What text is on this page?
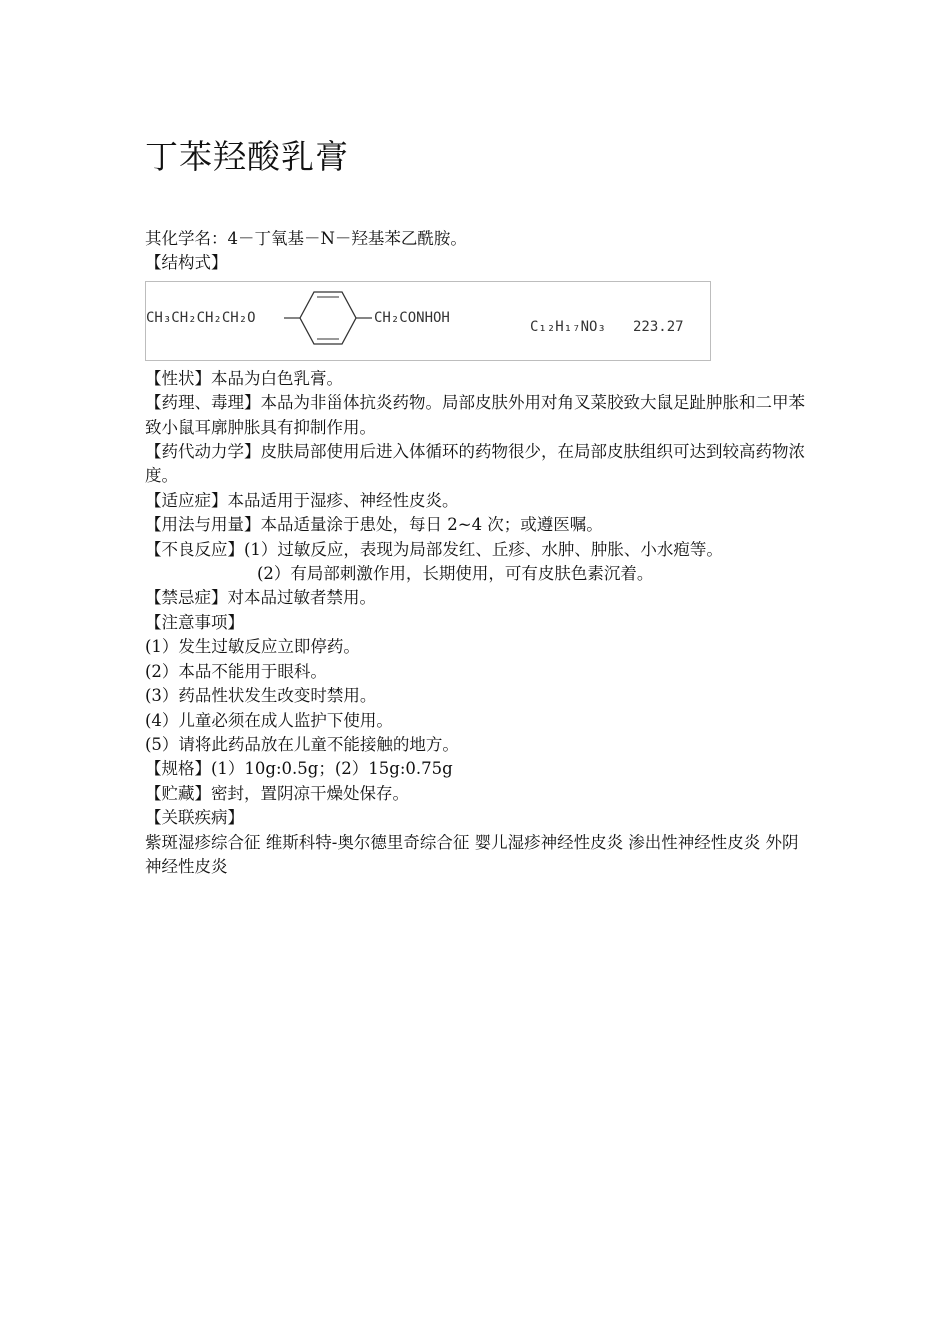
丁苯羟酸乳膏
其化学名：4－丁氧基－N－羟基苯乙酰胺。
【结构式】
CH₃CH₂CH₂CH₂O	CH₂CONHOH
C₁₂H₁₇NO₃ 223.27
【性状】本品为白色乳膏。
【药理、毒理】本品为非甾体抗炎药物。局部皮肤外用对角叉菜胶致大鼠足趾肿胀和二甲苯致小鼠耳廓肿胀具有抑制作用。
【药代动力学】皮肤局部使用后进入体循环的药物很少，在局部皮肤组织可达到较高药物浓度。
【适应症】本品适用于湿疹、神经性皮炎。
【用法与用量】本品适量涂于患处，每日 2~4 次；或遵医嘱。
【不良反应】(1）过敏反应，表现为局部发红、丘疹、水肿、肿胀、小水疱等。
(2）有局部刺激作用，长期使用，可有皮肤色素沉着。
【禁忌症】对本品过敏者禁用。
【注意事项】
(1）发生过敏反应立即停药。
(2）本品不能用于眼科。
(3）药品性状发生改变时禁用。
(4）儿童必须在成人监护下使用。
(5）请将此药品放在儿童不能接触的地方。
【规格】(1）10g:0.5g；(2）15g:0.75g
【贮藏】密封，置阴凉干燥处保存。
【关联疾病】
紫斑湿疹综合征 维斯科特-奥尔德里奇综合征 婴儿湿疹神经性皮炎 渗出性神经性皮炎 外阴神经性皮炎
